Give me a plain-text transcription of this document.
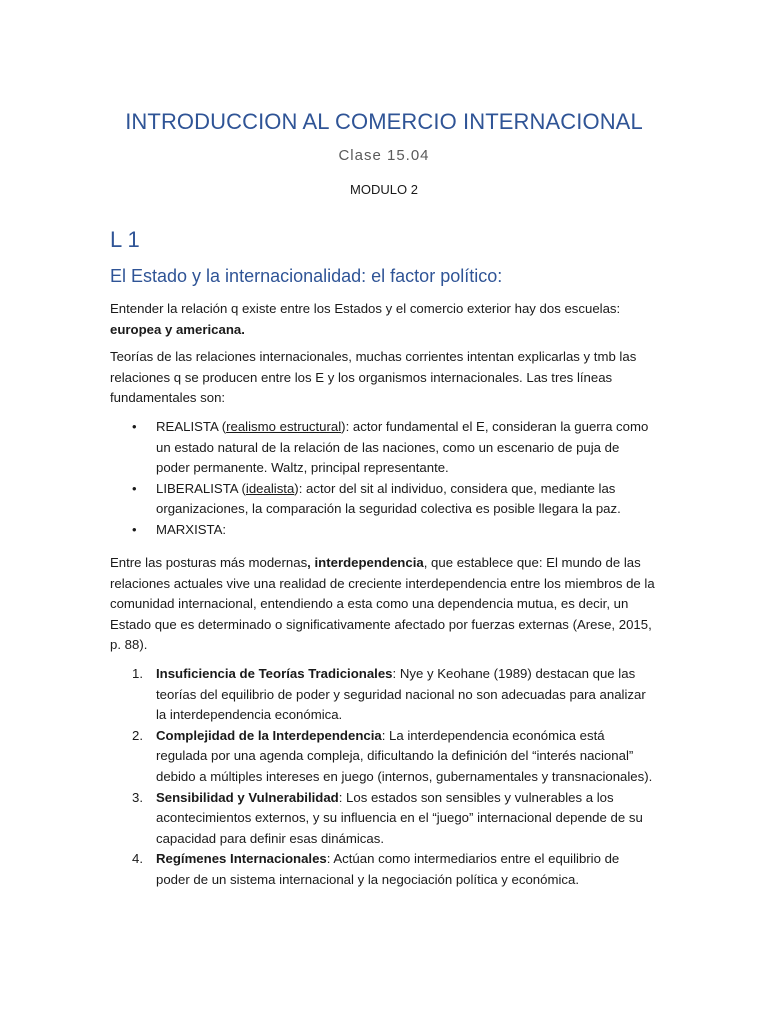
INTRODUCCION AL COMERCIO INTERNACIONAL
Clase 15.04
MODULO 2
L 1
El Estado y la internacionalidad: el factor político:

Entender la relación q existe entre los Estados y el comercio exterior hay dos escuelas: europea y americana.

Teorías de las relaciones internacionales, muchas corrientes intentan explicarlas y tmb las relaciones q se producen entre los E y los organismos internacionales. Las tres líneas fundamentales son:

• REALISTA (realismo estructural): actor fundamental el E, consideran la guerra como un estado natural de la relación de las naciones, como un escenario de puja de poder permanente. Waltz, principal representante.
• LIBERALISTA (idealista): actor del sit al individuo, considera que, mediante las organizaciones, la comparación la seguridad colectiva es posible llegara la paz.
• MARXISTA:

Entre las posturas más modernas, interdependencia, que establece que: El mundo de las relaciones actuales vive una realidad de creciente interdependencia entre los miembros de la comunidad internacional, entendiendo a esta como una dependencia mutua, es decir, un Estado que es determinado o significativamente afectado por fuerzas externas (Arese, 2015, p. 88).

1. Insuficiencia de Teorías Tradicionales: Nye y Keohane (1989) destacan que las teorías del equilibrio de poder y seguridad nacional no son adecuadas para analizar la interdependencia económica.
2. Complejidad de la Interdependencia: La interdependencia económica está regulada por una agenda compleja, dificultando la definición del “interés nacional” debido a múltiples intereses en juego (internos, gubernamentales y transnacionales).
3. Sensibilidad y Vulnerabilidad: Los estados son sensibles y vulnerables a los acontecimientos externos, y su influencia en el “juego” internacional depende de su capacidad para definir esas dinámicas.
4. Regímenes Internacionales: Actúan como intermediarios entre el equilibrio de poder de un sistema internacional y la negociación política y económica.
